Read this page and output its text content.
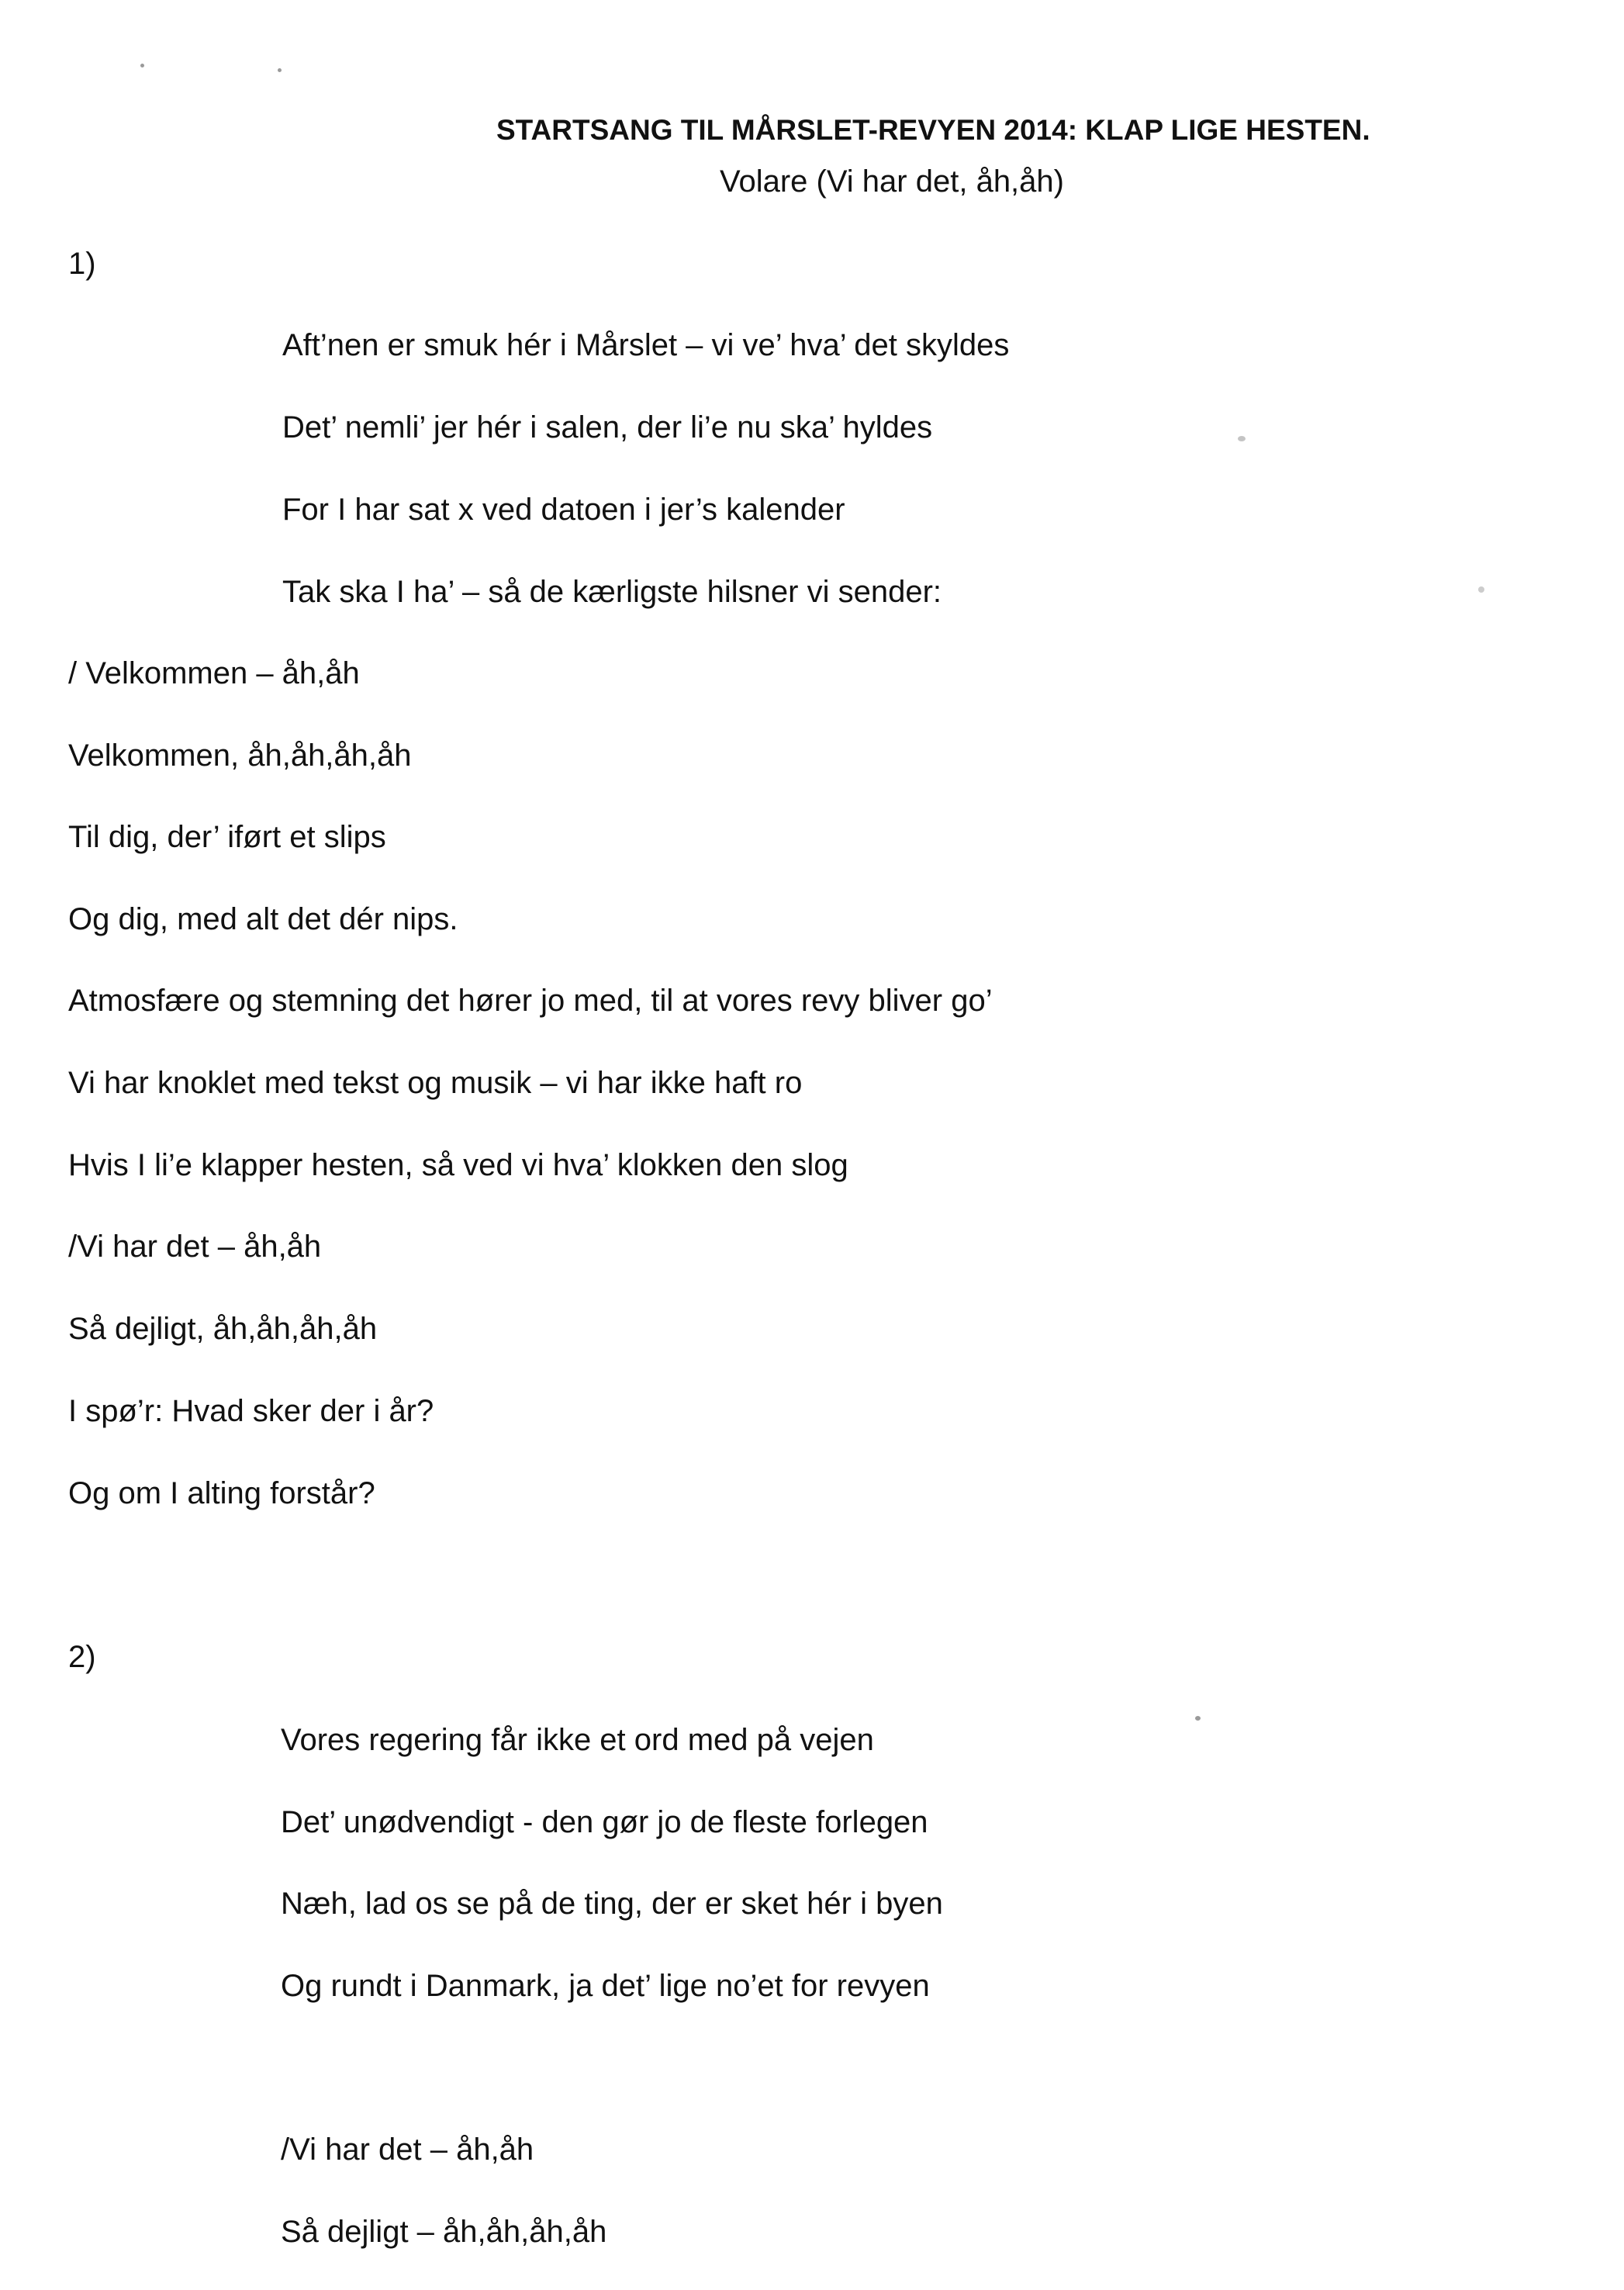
STARTSANG TIL MÅRSLET-REVYEN 2014: KLAP LIGE HESTEN.
Volare (Vi har det, åh,åh)
1)
Aft’nen er smuk hér i Mårslet – vi ve’ hva’ det skyldes
Det’ nemli’ jer hér i salen, der li’e nu ska’ hyldes
For I har sat x ved datoen i jer’s kalender
Tak ska I ha’ – så de kærligste hilsner vi sender:
/ Velkommen – åh,åh
Velkommen, åh,åh,åh,åh
Til dig, der’ iført et slips
Og dig, med alt det dér nips.
Atmosfære og stemning det hører jo med, til at vores revy bliver go’
Vi har knoklet med tekst og musik – vi har ikke haft ro
Hvis I li’e klapper hesten, så ved vi hva’ klokken den slog
/Vi har det – åh,åh
Så dejligt, åh,åh,åh,åh
I spø’r: Hvad sker der i år?
Og om I alting forstår?
2)
Vores regering får ikke et ord med på vejen
Det’ unødvendigt - den gør jo de fleste forlegen
Næh, lad os se på de ting, der er sket hér i byen
Og rundt i Danmark, ja det’ lige no’et for revyen
/Vi har det – åh,åh
Så dejligt – åh,åh,åh,åh
